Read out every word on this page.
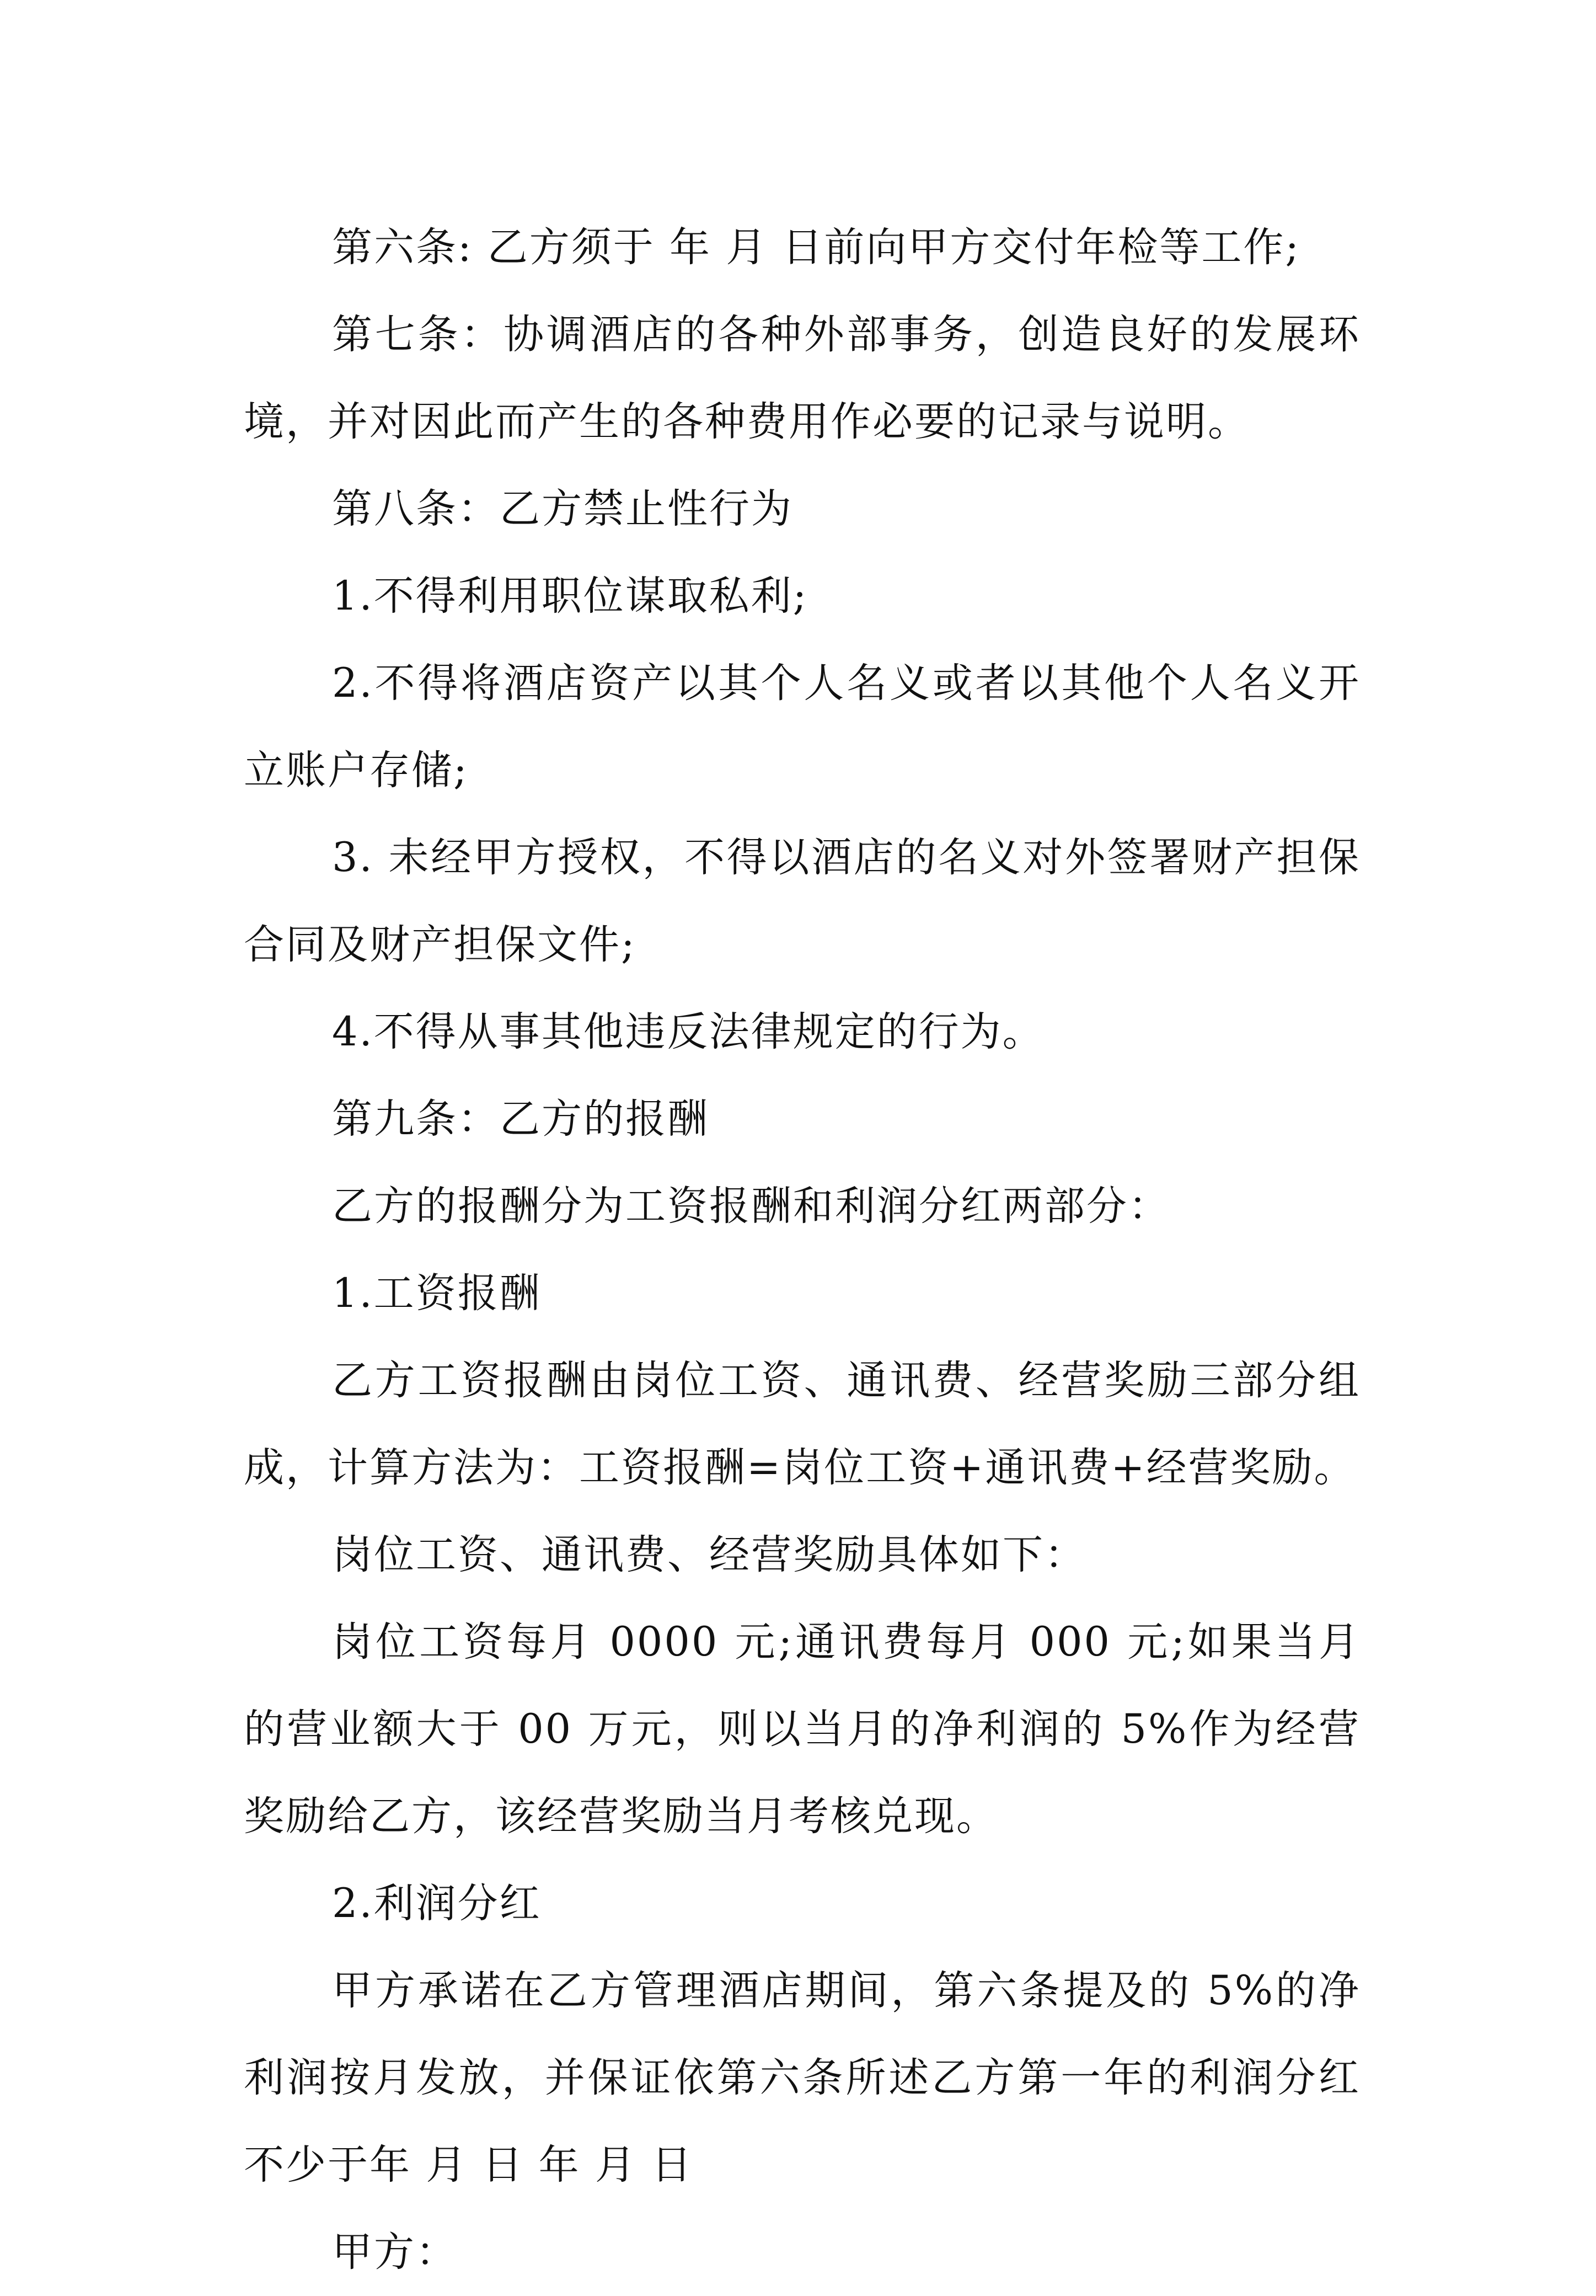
第六条: 乙方须于 年 月 日前向甲方交付年检等工作;

第七条：协调酒店的各种外部事务，创造良好的发展环境，并对因此而产生的各种费用作必要的记录与说明。

第八条：乙方禁止性行为

1.不得利用职位谋取私利;

2.不得将酒店资产以其个人名义或者以其他个人名义开立账户存储;

3. 未经甲方授权，不得以酒店的名义对外签署财产担保合同及财产担保文件;

4.不得从事其他违反法律规定的行为。

第九条：乙方的报酬

乙方的报酬分为工资报酬和利润分红两部分：

1.工资报酬

乙方工资报酬由岗位工资、通讯费、经营奖励三部分组成，计算方法为：工资报酬=岗位工资+通讯费+经营奖励。

岗位工资、通讯费、经营奖励具体如下：

岗位工资每月 0000 元;通讯费每月 000 元;如果当月的营业额大于 00 万元，则以当月的净利润的 5%作为经营奖励给乙方，该经营奖励当月考核兑现。

2.利润分红

甲方承诺在乙方管理酒店期间，第六条提及的 5%的净利润按月发放，并保证依第六条所述乙方第一年的利润分红不少于年 月 日 年 月 日

甲方：
